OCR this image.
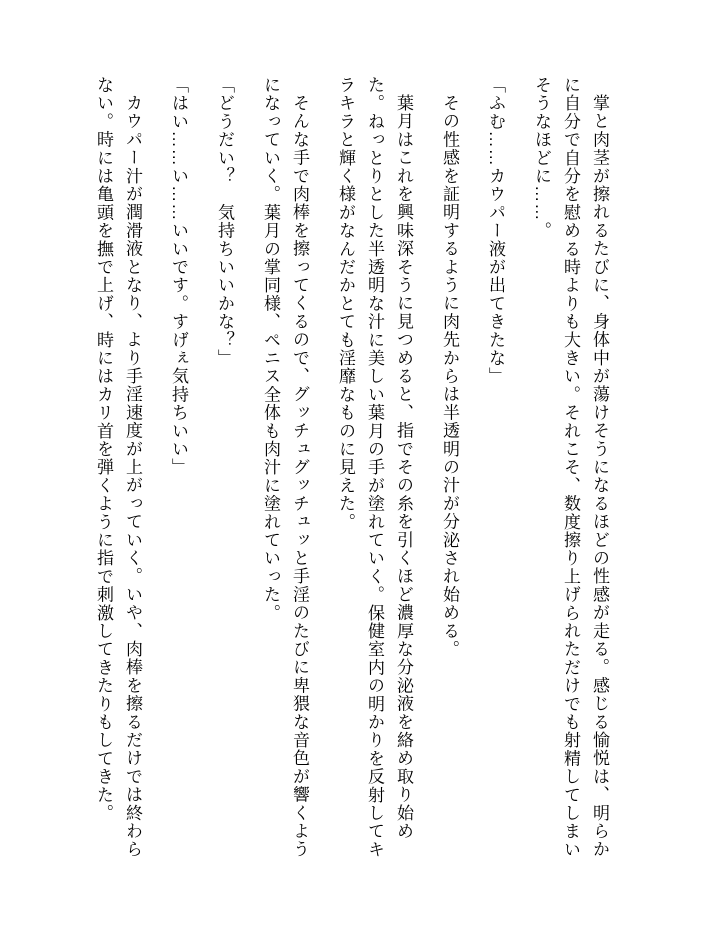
掌と肉茎が擦れるたびに、身体中が蕩けそうになるほどの性感が走る。感じる愉悦は、明らかに自分で自分を慰める時よりも大きい。それこそ、数度擦り上げられただけでも射精してしまいそうなほどに……。

「ふむ……カウパー液が出てきたな」

その性感を証明するように肉先からは半透明の汁が分泌され始める。

葉月はこれを興味深そうに見つめると、指でその糸を引くほど濃厚な分泌液を絡め取り始めた。ねっとりとした半透明な汁に美しい葉月の手が塗れていく。保健室内の明かりを反射してキラキラと輝く様がなんだかとても淫靡なものに見えた。

そんな手で肉棒を擦ってくるので、グッチュグッチュッと手淫のたびに卑猥な音色が響くようになっていく。葉月の掌同様、ペニス全体も肉汁に塗れていった。

「どうだい？　気持ちいいかな？」

「はい……い……いいです。すげぇ気持ちいい」

カウパー汁が潤滑液となり、より手淫速度が上がっていく。いや、肉棒を擦るだけでは終わらない。時には亀頭を撫で上げ、時にはカリ首を弾くように指で刺激してきたりもしてきた。
